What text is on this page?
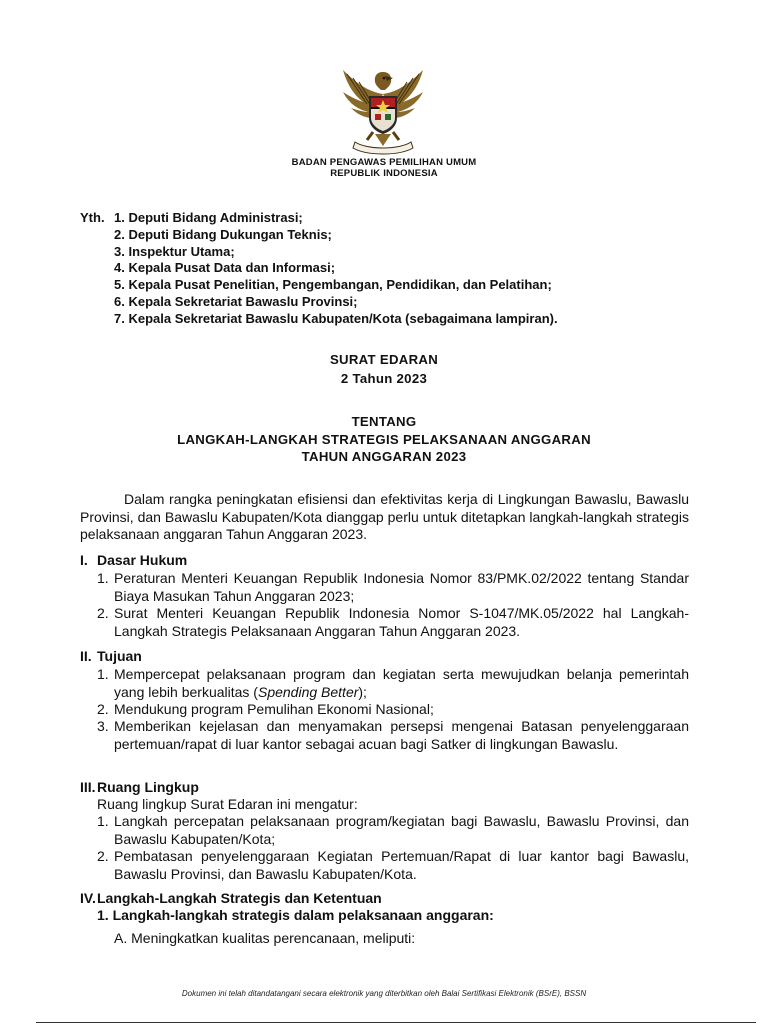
BADAN PENGAWAS PEMILIHAN UMUM
REPUBLIK INDONESIA
Yth. 1. Deputi Bidang Administrasi;
2. Deputi Bidang Dukungan Teknis;
3. Inspektur Utama;
4. Kepala Pusat Data dan Informasi;
5. Kepala Pusat Penelitian, Pengembangan, Pendidikan, dan Pelatihan;
6. Kepala Sekretariat Bawaslu Provinsi;
7. Kepala Sekretariat Bawaslu Kabupaten/Kota (sebagaimana lampiran).
SURAT EDARAN
2 Tahun 2023
TENTANG
LANGKAH-LANGKAH STRATEGIS PELAKSANAAN ANGGARAN
TAHUN ANGGARAN 2023
Dalam rangka peningkatan efisiensi dan efektivitas kerja di Lingkungan Bawaslu, Bawaslu Provinsi, dan Bawaslu Kabupaten/Kota dianggap perlu untuk ditetapkan langkah-langkah strategis pelaksanaan anggaran Tahun Anggaran 2023.
I. Dasar Hukum
1. Peraturan Menteri Keuangan Republik Indonesia Nomor 83/PMK.02/2022 tentang Standar Biaya Masukan Tahun Anggaran 2023;
2. Surat Menteri Keuangan Republik Indonesia Nomor S-1047/MK.05/2022 hal Langkah-Langkah Strategis Pelaksanaan Anggaran Tahun Anggaran 2023.
II. Tujuan
1. Mempercepat pelaksanaan program dan kegiatan serta mewujudkan belanja pemerintah yang lebih berkualitas (Spending Better);
2. Mendukung program Pemulihan Ekonomi Nasional;
3. Memberikan kejelasan dan menyamakan persepsi mengenai Batasan penyelenggaraan pertemuan/rapat di luar kantor sebagai acuan bagi Satker di lingkungan Bawaslu.
III.Ruang Lingkup
Ruang lingkup Surat Edaran ini mengatur:
1. Langkah percepatan pelaksanaan program/kegiatan bagi Bawaslu, Bawaslu Provinsi, dan Bawaslu Kabupaten/Kota;
2. Pembatasan penyelenggaraan Kegiatan Pertemuan/Rapat di luar kantor bagi Bawaslu, Bawaslu Provinsi, dan Bawaslu Kabupaten/Kota.
IV.Langkah-Langkah Strategis dan Ketentuan
1. Langkah-langkah strategis dalam pelaksanaan anggaran:
A. Meningkatkan kualitas perencanaan, meliputi:
Dokumen ini telah ditandatangani secara elektronik yang diterbitkan oleh Balai Sertifikasi Elektronik (BSrE), BSSN
